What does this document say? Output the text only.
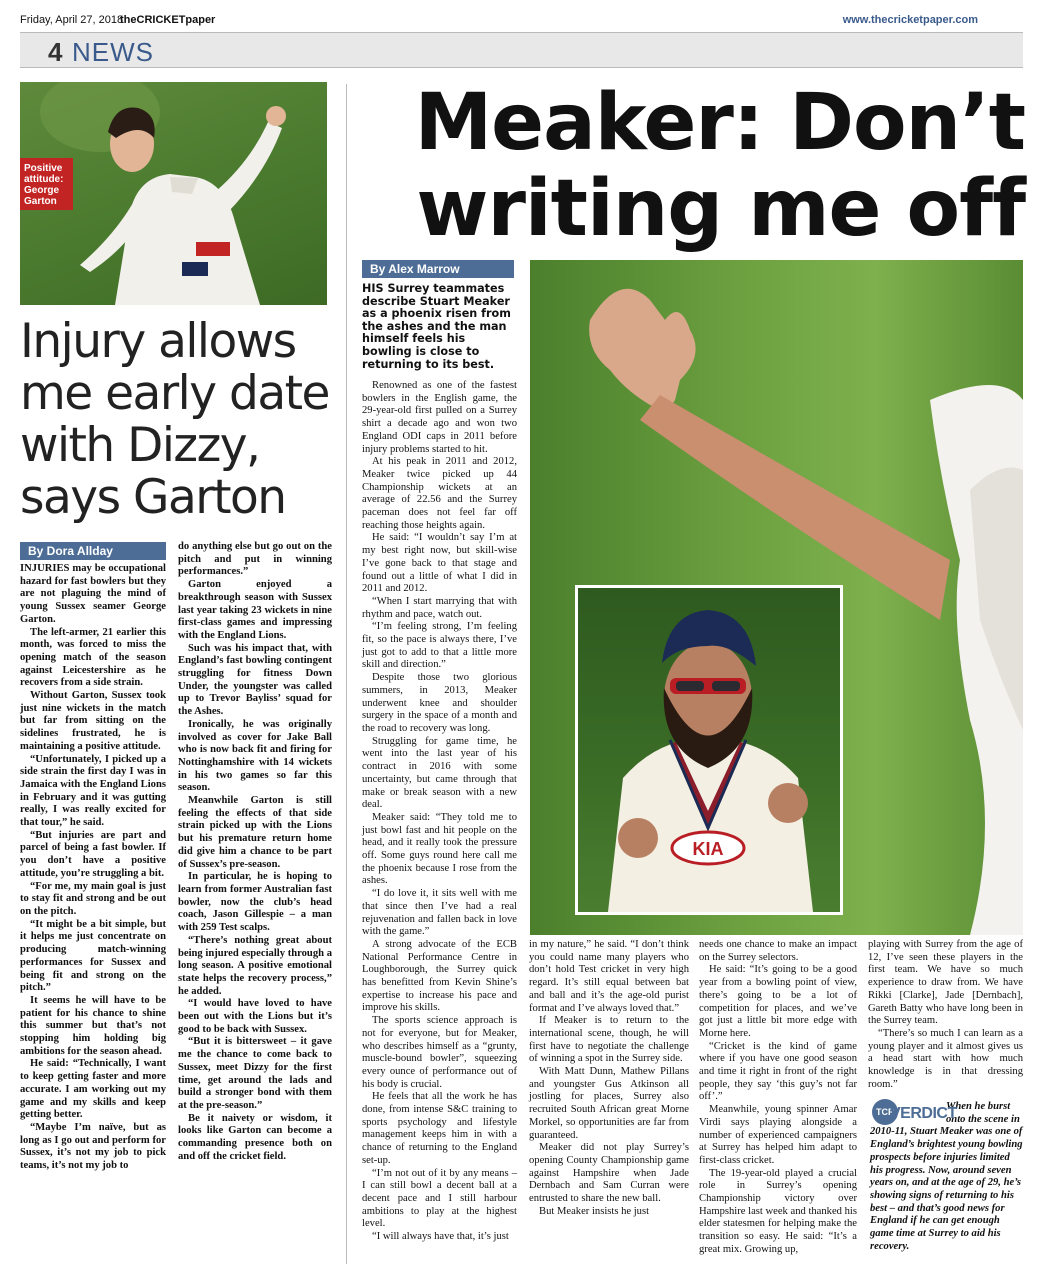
Friday, April 27, 2018
theCRICKETpaper	www.thecricketpaper.com
4 NEWS
Positive attitude: George Garton
Injury allows me early date with Dizzy, says Garton
By Dora Allday

INJURIES may be occupational hazard for fast bowlers but they are not plaguing the mind of young Sussex seamer George Garton.

The left-armer, 21 earlier this month, was forced to miss the opening match of the season against Leicestershire as he recovers from a side strain.

Without Garton, Sussex took just nine wickets in the match but far from sitting on the sidelines frustrated, he is maintaining a positive attitude.

“Unfortunately, I picked up a side strain the first day I was in Jamaica with the England Lions in February and it was gutting really, I was really excited for that tour,” he said.

“But injuries are part and parcel of being a fast bowler. If you don’t have a positive attitude, you’re struggling a bit.

“For me, my main goal is just to stay fit and strong and be out on the pitch.

“It might be a bit simple, but it helps me just concentrate on producing match-winning performances for Sussex and being fit and strong on the pitch.”

It seems he will have to be patient for his chance to shine this summer but that’s not stopping him holding big ambitions for the season ahead.

He said: “Technically, I want to keep getting faster and more accurate. I am working out my game and my skills and keep getting better.

“Maybe I’m naïve, but as long as I go out and perform for Sussex, it’s not my job to pick teams, it’s not my job to

do anything else but go out on the pitch and put in winning performances.”

Garton enjoyed a breakthrough season with Sussex last year taking 23 wickets in nine first-class games and impressing with the England Lions.

Such was his impact that, with England’s fast bowling contingent struggling for fitness Down Under, the youngster was called up to Trevor Bayliss’ squad for the Ashes.

Ironically, he was originally involved as cover for Jake Ball who is now back fit and firing for Nottinghamshire with 14 wickets in his two games so far this season.

Meanwhile Garton is still feeling the effects of that side strain picked up with the Lions but his premature return home did give him a chance to be part of Sussex’s pre-season.

In particular, he is hoping to learn from former Australian fast bowler, now the club’s head coach, Jason Gillespie – a man with 259 Test scalps.

“There’s nothing great about being injured especially through a long season. A positive emotional state helps the recovery process,” he added.

“I would have loved to have been out with the Lions but it’s good to be back with Sussex.

“But it is bittersweet – it gave me the chance to come back to Sussex, meet Dizzy for the first time, get around the lads and build a stronger bond with them at the pre-season.”

Be it naivety or wisdom, it looks like Garton can become a commanding presence both on and off the cricket field.

Meaker: Don’t
writing me off
By Alex Marrow
HIS Surrey teammates describe Stuart Meaker as a phoenix risen from the ashes and the man himself feels his bowling is close to returning to its best.
KIA

Renowned as one of the fastest bowlers in the English game, the 29-year-old first pulled on a Surrey shirt a decade ago and won two England ODI caps in 2011 before injury problems started to hit.

At his peak in 2011 and 2012, Meaker twice picked up 44 Championship wickets at an average of 22.56 and the Surrey paceman does not feel far off reaching those heights again.

He said: “I wouldn’t say I’m at my best right now, but skill-wise I’ve gone back to that stage and found out a little of what I did in 2011 and 2012.

“When I start marrying that with rhythm and pace, watch out.

“I’m feeling strong, I’m feeling fit, so the pace is always there, I’ve just got to add to that a little more skill and direction.”

Despite those two glorious summers, in 2013, Meaker underwent knee and shoulder surgery in the space of a month and the road to recovery was long.

Struggling for game time, he went into the last year of his contract in 2016 with some uncertainty, but came through that make or break season with a new deal.

Meaker said: “They told me to just bowl fast and hit people on the head, and it really took the pressure off. Some guys round here call me the phoenix because I rose from the ashes.

“I do love it, it sits well with me that since then I’ve had a real rejuvenation and fallen back in love with the game.”

A strong advocate of the ECB National Performance Centre in Loughborough, the Surrey quick has benefitted from Kevin Shine’s expertise to increase his pace and improve his skills.

The sports science approach is not for everyone, but for Meaker, who describes himself as a “grunty, muscle-bound bowler”, squeezing every ounce of performance out of his body is crucial.

He feels that all the work he has done, from intense S&C training to sports psychology and lifestyle management keeps him in with a chance of returning to the England set-up.

“I’m not out of it by any means – I can still bowl a decent ball at a decent pace and I still harbour ambitions to play at the highest level.

“I will always have that, it’s just

in my nature,” he said. “I don’t think you could name many players who don’t hold Test cricket in very high regard. It’s still equal between bat and ball and it’s the age-old purist format and I’ve always loved that.”

If Meaker is to return to the international scene, though, he will first have to negotiate the challenge of winning a spot in the Surrey side.

With Matt Dunn, Mathew Pillans and youngster Gus Atkinson all jostling for places, Surrey also recruited South African great Morne Morkel, so opportunities are far from guaranteed.

Meaker did not play Surrey’s opening County Championship game against Hampshire when Jade Dernbach and Sam Curran were entrusted to share the new ball.

But Meaker insists he just

needs one chance to make an impact on the Surrey selectors.

He said: “It’s going to be a good year from a bowling point of view, there’s going to be a lot of competition for places, and we’ve got just a little bit more edge with Morne here.

“Cricket is the kind of game where if you have one good season and time it right in front of the right people, they say ‘this guy’s not far off’.”

Meanwhile, young spinner Amar Virdi says playing alongside a number of experienced campaigners at Surrey has helped him adapt to first-class cricket.

The 19-year-old played a crucial role in Surrey’s opening Championship victory over Hampshire last week and thanked his elder statesmen for helping make the transition so easy. He said: “It’s a great mix. Growing up,

playing with Surrey from the age of 12, I’ve seen these players in the first team. We have so much experience to draw from. We have Rikki [Clarke], Jade [Dernbach], Gareth Batty who have long been in the Surrey team.

“There’s so much I can learn as a young player and it almost gives us a head start with how much knowledge is in that dressing room.”

When he burst onto the scene in 2010-11, Stuart Meaker was one of England’s brightest young bowling prospects before injuries limited his progress. Now, around seven years on, and at the age of 29, he’s showing signs of returning to his best – and that’s good news for England if he can get enough game time at Surrey to aid his recovery.
TCP
VERDICT
